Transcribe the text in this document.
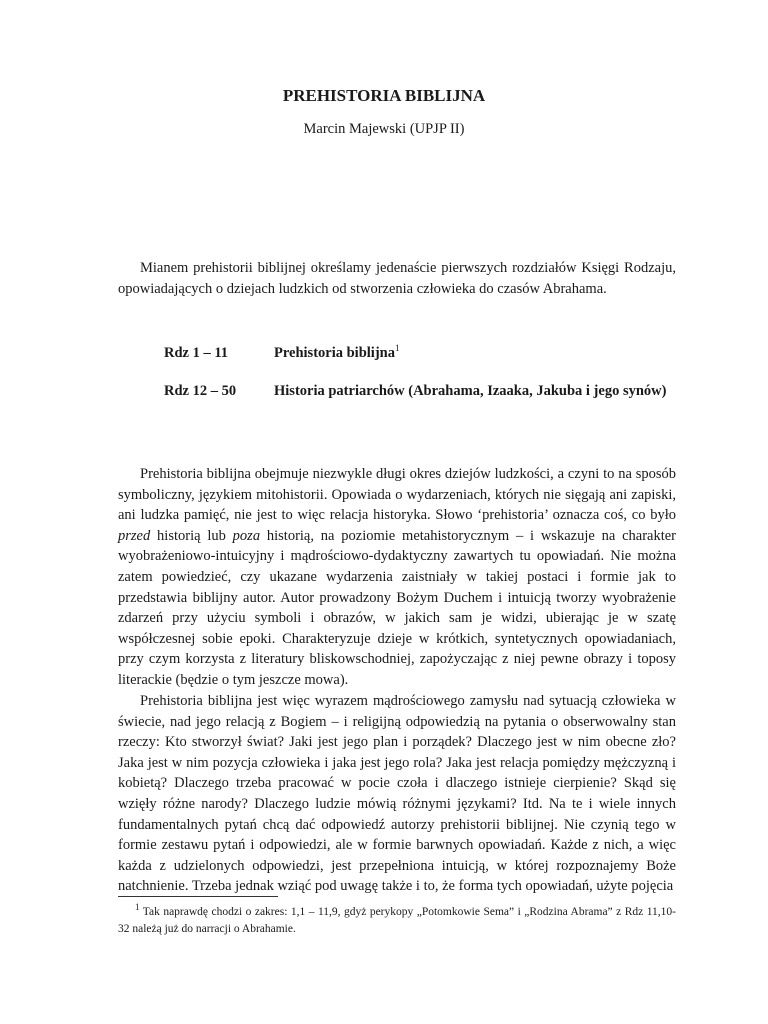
PREHISTORIA BIBLIJNA

Marcin Majewski (UPJP II)

Mianem prehistorii biblijnej określamy jedenaście pierwszych rozdziałów Księgi Rodzaju, opowiadających o dziejach ludzkich od stworzenia człowieka do czasów Abrahama.

Rdz 1 – 11	Prehistoria biblijna$^1$
Rdz 12 – 50	Historia patriarchów (Abrahama, Izaaka, Jakuba i jego synów)

Prehistoria biblijna obejmuje niezwykle długi okres dziejów ludzkości, a czyni to na sposób symboliczny, językiem mitohistorii. Opowiada o wydarzeniach, których nie sięgają ani zapiski, ani ludzka pamięć, nie jest to więc relacja historyka. Słowo ‘prehistoria’ oznacza coś, co było przed historią lub poza historią, na poziomie metahistorycznym – i wskazuje na charakter wyobrażeniowo-intuicyjny i mądrościowo-dydaktyczny zawartych tu opowiadań. Nie można zatem powiedzieć, czy ukazane wydarzenia zaistniały w takiej postaci i formie jak to przedstawia biblijny autor. Autor prowadzony Bożym Duchem i intuicją tworzy wyobrażenie zdarzeń przy użyciu symboli i obrazów, w jakich sam je widzi, ubierając je w szatę współczesnej sobie epoki. Charakteryzuje dzieje w krótkich, syntetycznych opowiadaniach, przy czym korzysta z literatury bliskowschodniej, zapożyczając z niej pewne obrazy i toposy literackie (będzie o tym jeszcze mowa).

Prehistoria biblijna jest więc wyrazem mądrościowego zamysłu nad sytuacją człowieka w świecie, nad jego relacją z Bogiem – i religijną odpowiedzią na pytania o obserwowalny stan rzeczy: Kto stworzył świat? Jaki jest jego plan i porządek? Dlaczego jest w nim obecne zło? Jaka jest w nim pozycja człowieka i jaka jest jego rola? Jaka jest relacja pomiędzy mężczyzną i kobietą? Dlaczego trzeba pracować w pocie czoła i dlaczego istnieje cierpienie? Skąd się wzięły różne narody? Dlaczego ludzie mówią różnymi językami? Itd. Na te i wiele innych fundamentalnych pytań chcą dać odpowiedź autorzy prehistorii biblijnej. Nie czynią tego w formie zestawu pytań i odpowiedzi, ale w formie barwnych opowiadań. Każde z nich, a więc każda z udzielonych odpowiedzi, jest przepełniona intuicją, w której rozpoznajemy Boże natchnienie. Trzeba jednak wziąć pod uwagę także i to, że forma tych opowiadań, użyte pojęcia

$^1$ Tak naprawdę chodzi o zakres: 1,1 – 11,9, gdyż perykopy „Potomkowie Sema” i „Rodzina Abrama” z Rdz 11,10-32 należą już do narracji o Abrahamie.
